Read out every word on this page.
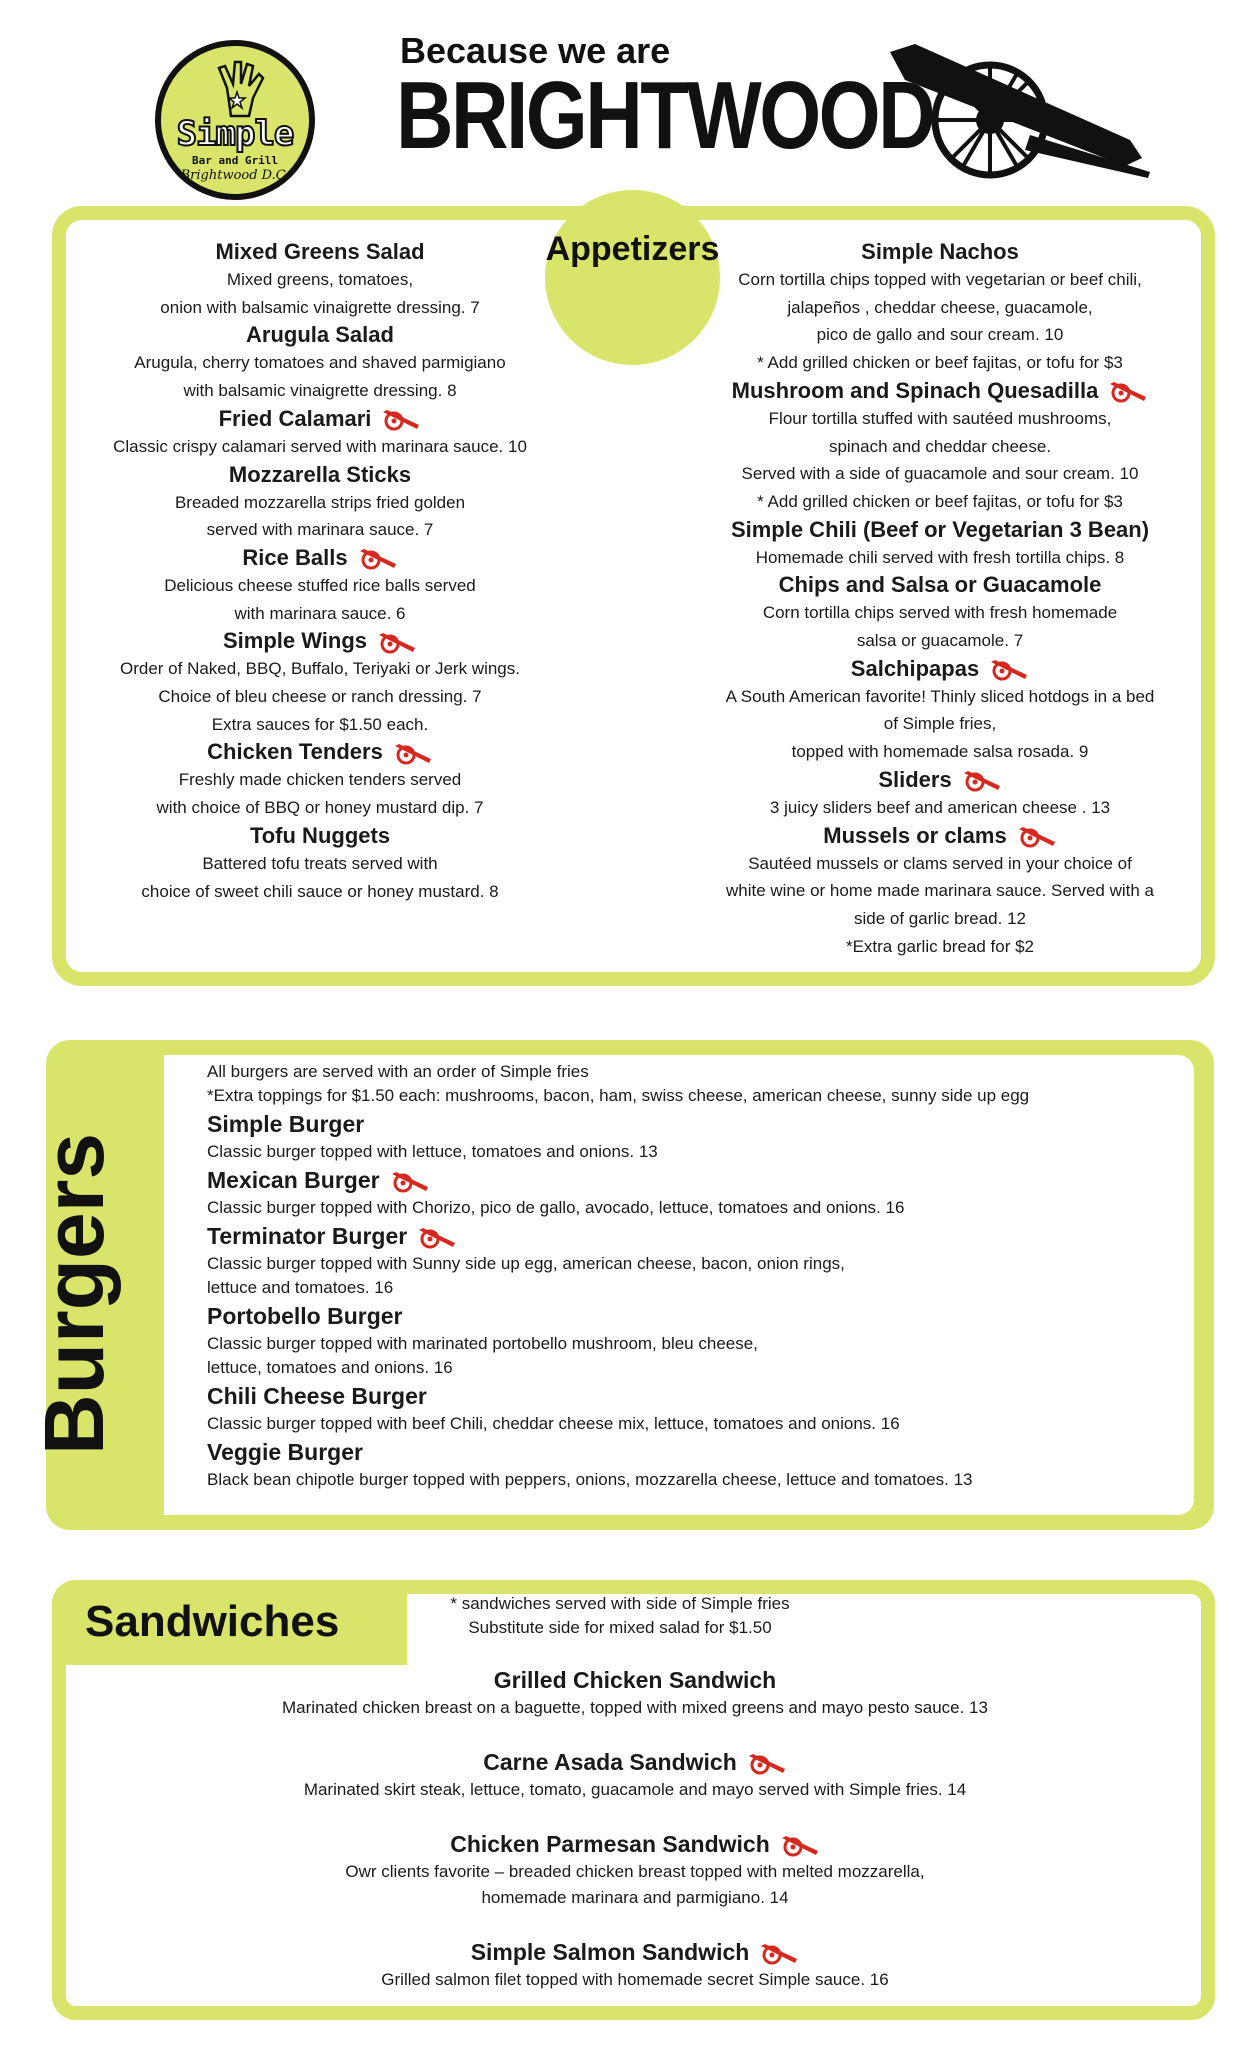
Simple
Bar and Grill
Brightwood D.C.
Because we are
BRIGHTWOOD
Appetizers
Mixed Greens Salad
Mixed greens, tomatoes,
onion with balsamic vinaigrette dressing. 7
Arugula Salad
Arugula, cherry tomatoes and shaved parmigiano
with balsamic vinaigrette dressing. 8
Fried Calamari
Classic crispy calamari served with marinara sauce. 10
Mozzarella Sticks
Breaded mozzarella strips fried golden
served with marinara sauce. 7
Rice Balls
Delicious cheese stuffed rice balls served
with marinara sauce. 6
Simple Wings
Order of Naked, BBQ, Buffalo, Teriyaki or Jerk wings.
Choice of bleu cheese or ranch dressing. 7
Extra sauces for $1.50 each.
Chicken Tenders
Freshly made chicken tenders served
with choice of BBQ or honey mustard dip. 7
Tofu Nuggets
Battered tofu treats served with
choice of sweet chili sauce or honey mustard. 8
Simple Nachos
Corn tortilla chips topped with vegetarian or beef chili,
jalapeños , cheddar cheese, guacamole,
pico de gallo and sour cream. 10
* Add grilled chicken or beef fajitas, or tofu for $3
Mushroom and Spinach Quesadilla
Flour tortilla stuffed with sautéed mushrooms,
spinach and cheddar cheese.
Served with a side of guacamole and sour cream. 10
* Add grilled chicken or beef fajitas, or tofu for $3
Simple Chili (Beef or Vegetarian 3 Bean)
Homemade chili served with fresh tortilla chips. 8
Chips and Salsa or Guacamole
Corn tortilla chips served with fresh homemade
salsa or guacamole. 7
Salchipapas
A South American favorite! Thinly sliced hotdogs in a bed
of Simple fries,
topped with homemade salsa rosada. 9
Sliders
3 juicy sliders beef and american cheese . 13
Mussels or clams
Sautéed mussels or clams served in your choice of
white wine or home made marinara sauce. Served with a
side of garlic bread. 12
*Extra garlic bread for $2
Burgers
All burgers are served with an order of Simple fries
*Extra toppings for $1.50 each: mushrooms, bacon, ham, swiss cheese, american cheese, sunny side up egg
Simple Burger
Classic burger topped with lettuce, tomatoes and onions. 13
Mexican Burger
Classic burger topped with Chorizo, pico de gallo, avocado, lettuce, tomatoes and onions. 16
Terminator Burger
Classic burger topped with Sunny side up egg, american cheese, bacon, onion rings,
lettuce and tomatoes. 16
Portobello Burger
Classic burger topped with marinated portobello mushroom, bleu cheese,
lettuce, tomatoes and onions. 16
Chili Cheese Burger
Classic burger topped with beef Chili, cheddar cheese mix, lettuce, tomatoes and onions. 16
Veggie Burger
Black bean chipotle burger topped with peppers, onions, mozzarella cheese, lettuce and tomatoes. 13
Sandwiches	* sandwiches served with side of Simple fries
Substitute side for mixed salad for $1.50
Grilled Chicken Sandwich
Marinated chicken breast on a baguette, topped with mixed greens and mayo pesto sauce. 13
Carne Asada Sandwich
Marinated skirt steak, lettuce, tomato, guacamole and mayo served with Simple fries. 14
Chicken Parmesan Sandwich
Owr clients favorite – breaded chicken breast topped with melted mozzarella,
homemade marinara and parmigiano. 14
Simple Salmon Sandwich
Grilled salmon filet topped with homemade secret Simple sauce. 16
